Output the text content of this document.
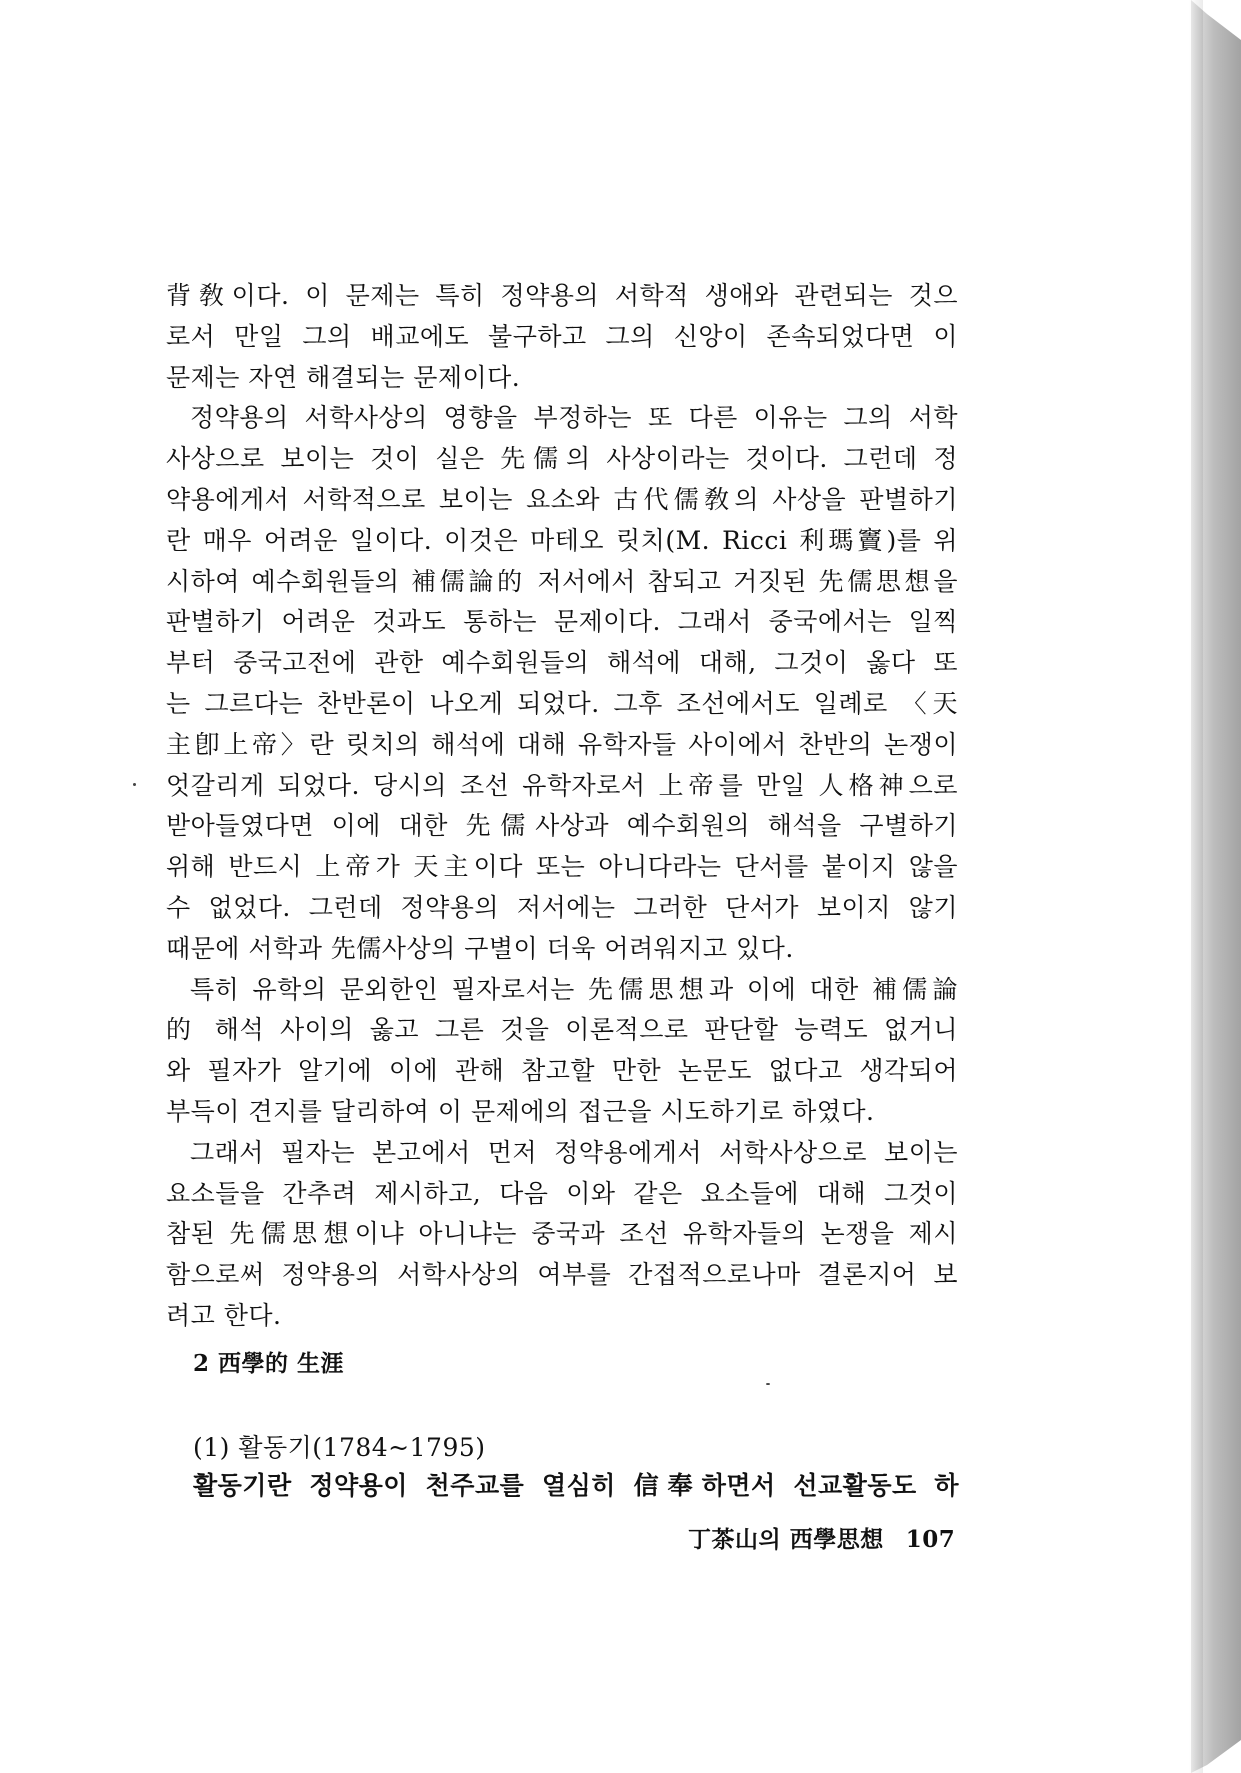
背敎이다. 이 문제는 특히 정약용의 서학적 생애와 관련되는 것으
로서 만일 그의 배교에도 불구하고 그의 신앙이 존속되었다면 이
문제는 자연 해결되는 문제이다.
정약용의 서학사상의 영향을 부정하는 또 다른 이유는 그의 서학
사상으로 보이는 것이 실은 先儒의 사상이라는 것이다. 그런데 정
약용에게서 서학적으로 보이는 요소와 古代儒敎의 사상을 판별하기
란 매우 어려운 일이다. 이것은 마테오 릿치(M. Ricci 利瑪竇)를 위
시하여 예수회원들의 補儒論的 저서에서 참되고 거짓된 先儒思想을
판별하기 어려운 것과도 통하는 문제이다. 그래서 중국에서는 일찍
부터 중국고전에 관한 예수회원들의 해석에 대해, 그것이 옳다 또
는 그르다는 찬반론이 나오게 되었다. 그후 조선에서도 일례로 〈天
主卽上帝〉란 릿치의 해석에 대해 유학자들 사이에서 찬반의 논쟁이
엇갈리게 되었다. 당시의 조선 유학자로서 上帝를 만일 人格神으로
받아들였다면 이에 대한 先儒사상과 예수회원의 해석을 구별하기
위해 반드시 上帝가 天主이다 또는 아니다라는 단서를 붙이지 않을
수 없었다. 그런데 정약용의 저서에는 그러한 단서가 보이지 않기
때문에 서학과 先儒사상의 구별이 더욱 어려워지고 있다.
특히 유학의 문외한인 필자로서는 先儒思想과 이에 대한 補儒論
的 해석 사이의 옳고 그른 것을 이론적으로 판단할 능력도 없거니
와 필자가 알기에 이에 관해 참고할 만한 논문도 없다고 생각되어
부득이 견지를 달리하여 이 문제에의 접근을 시도하기로 하였다.
그래서 필자는 본고에서 먼저 정약용에게서 서학사상으로 보이는
요소들을 간추려 제시하고, 다음 이와 같은 요소들에 대해 그것이
참된 先儒思想이냐 아니냐는 중국과 조선 유학자들의 논쟁을 제시
함으로써 정약용의 서학사상의 여부를 간접적으로나마 결론지어 보
려고 한다.
2 西學的 生涯
(1) 활동기(1784~1795)
활동기란 정약용이 천주교를 열심히 信奉하면서 선교활동도 하
丁茶山의 西學思想 107
